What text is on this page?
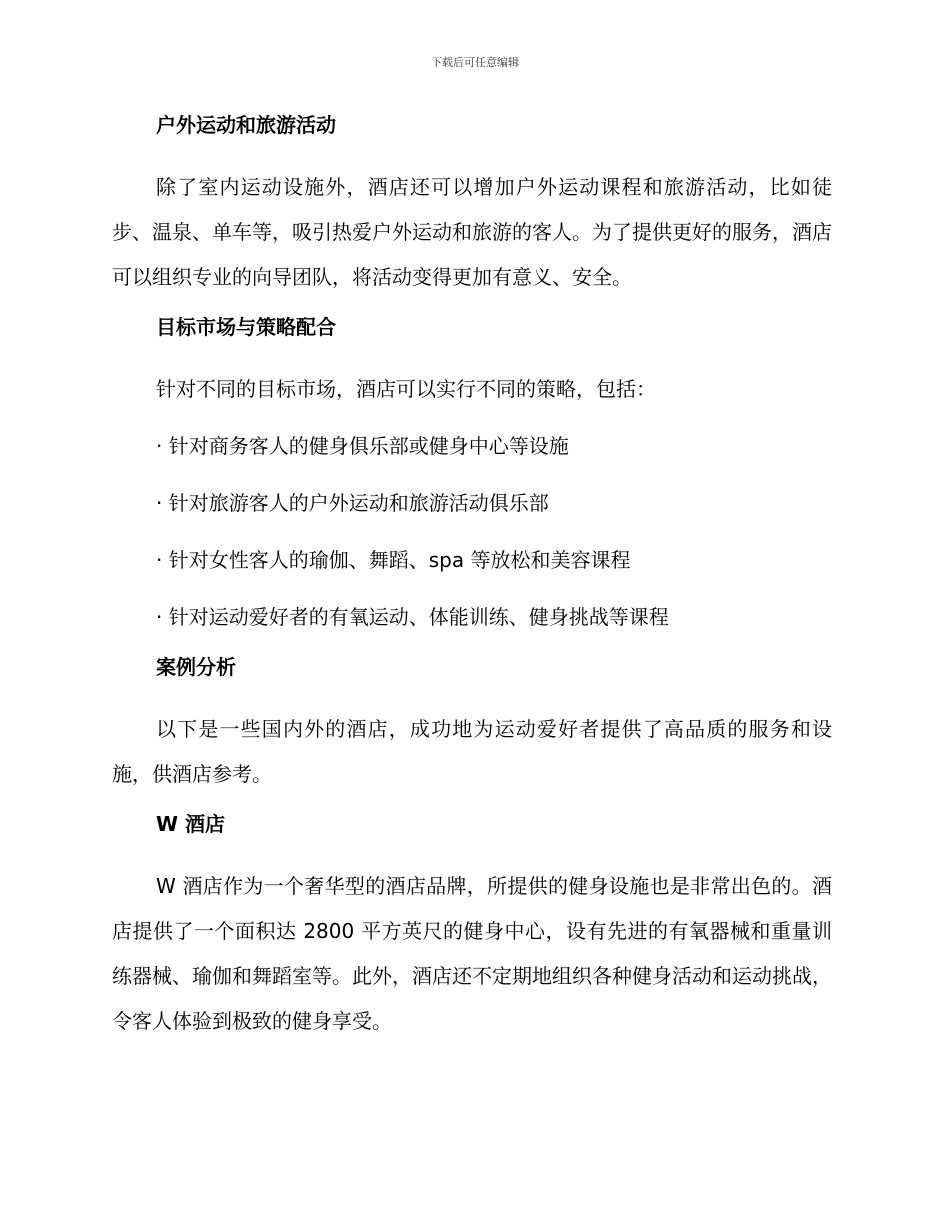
下载后可任意编辑
户外运动和旅游活动
除了室内运动设施外，酒店还可以增加户外运动课程和旅游活动，比如徒步、温泉、单车等，吸引热爱户外运动和旅游的客人。为了提供更好的服务，酒店可以组织专业的向导团队，将活动变得更加有意义、安全。
目标市场与策略配合
针对不同的目标市场，酒店可以实行不同的策略，包括：
· 针对商务客人的健身俱乐部或健身中心等设施
· 针对旅游客人的户外运动和旅游活动俱乐部
· 针对女性客人的瑜伽、舞蹈、spa 等放松和美容课程
· 针对运动爱好者的有氧运动、体能训练、健身挑战等课程
案例分析
以下是一些国内外的酒店，成功地为运动爱好者提供了高品质的服务和设施，供酒店参考。
W 酒店
W 酒店作为一个奢华型的酒店品牌，所提供的健身设施也是非常出色的。酒店提供了一个面积达 2800 平方英尺的健身中心，设有先进的有氧器械和重量训练器械、瑜伽和舞蹈室等。此外，酒店还不定期地组织各种健身活动和运动挑战，令客人体验到极致的健身享受。
